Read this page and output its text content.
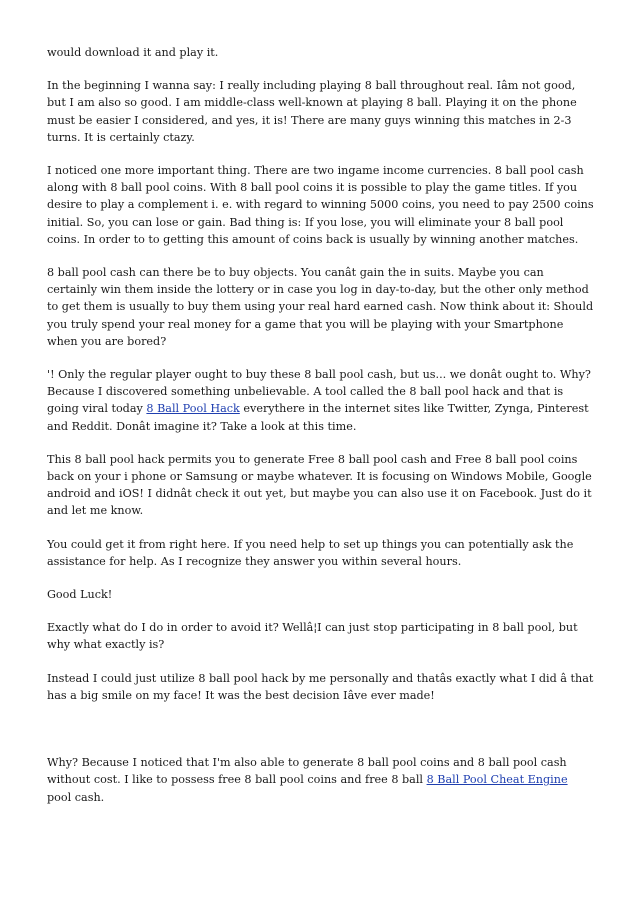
would download it and play it.

In the beginning I wanna say: I really including playing 8 ball throughout real. Iâm not good, but I am also so good. I am middle-class well-known at playing 8 ball. Playing it on the phone must be easier I considered, and yes, it is! There are many guys winning this matches in 2-3 turns. It is certainly ctazy.

I noticed one more important thing. There are two ingame income currencies. 8 ball pool cash along with 8 ball pool coins. With 8 ball pool coins it is possible to play the game titles. If you desire to play a complement i. e. with regard to winning 5000 coins, you need to pay 2500 coins initial. So, you can lose or gain. Bad thing is: If you lose, you will eliminate your 8 ball pool coins. In order to to getting this amount of coins back is usually by winning another matches.

8 ball pool cash can there be to buy objects. You canât gain the in suits. Maybe you can certainly win them inside the lottery or in case you log in day-to-day, but the other only method to get them is usually to buy them using your real hard earned cash. Now think about it: Should you truly spend your real money for a game that you will be playing with your Smartphone when you are bored?

'! Only the regular player ought to buy these 8 ball pool cash, but us... we donât ought to. Why? Because I discovered something unbelievable. A tool called the 8 ball pool hack and that is going viral today 8 Ball Pool Hack everythere in the internet sites like Twitter, Zynga, Pinterest and Reddit. Donât imagine it? Take a look at this time.

This 8 ball pool hack permits you to generate Free 8 ball pool cash and Free 8 ball pool coins back on your i phone or Samsung or maybe whatever. It is focusing on Windows Mobile, Google android and iOS! I didnât check it out yet, but maybe you can also use it on Facebook. Just do it and let me know.

You could get it from right here. If you need help to set up things you can potentially ask the assistance for help. As I recognize they answer you within several hours.

Good Luck!

Exactly what do I do in order to avoid it? Wellâ¦I can just stop participating in 8 ball pool, but why what exactly is?

Instead I could just utilize 8 ball pool hack by me personally and thatâs exactly what I did â that has a big smile on my face! It was the best decision Iâve ever made!

Why? Because I noticed that I'm also able to generate 8 ball pool coins and 8 ball pool cash without cost. I like to possess free 8 ball pool coins and free 8 ball 8 Ball Pool Cheat Engine pool cash.
